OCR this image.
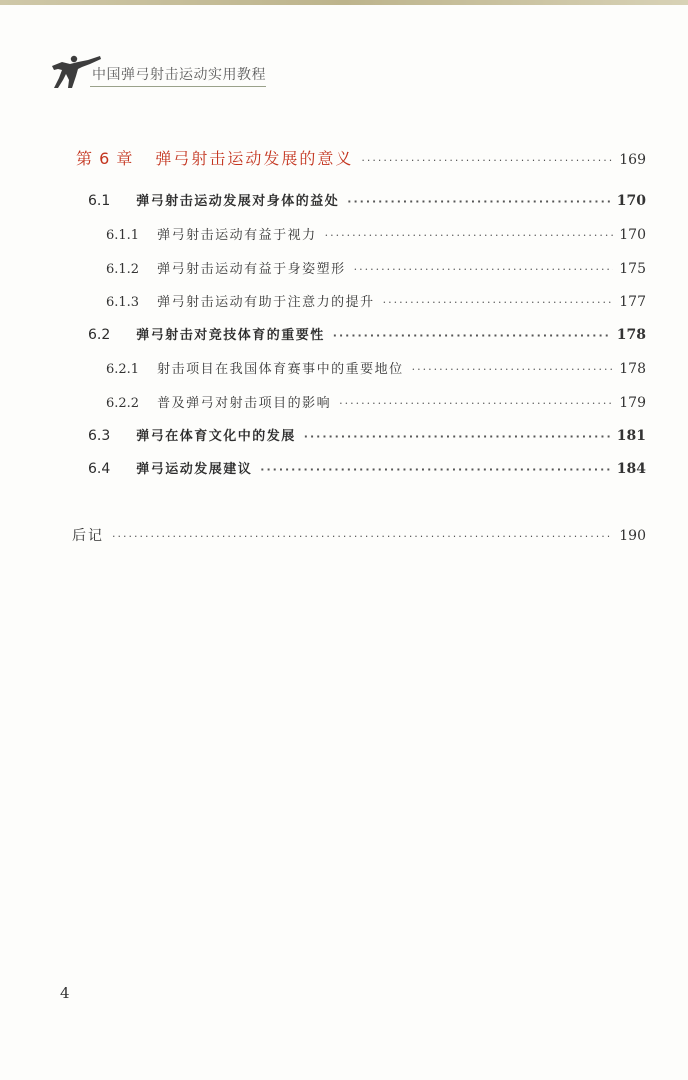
中国弹弓射击运动实用教程
第 6 章 弹弓射击运动发展的意义 ·····	169
6.1 弹弓射击运动发展对身体的益处 ·····	170
6.1.1 弹弓射击运动有益于视力 ·····	170
6.1.2 弹弓射击运动有益于身姿塑形 ·····	175
6.1.3 弹弓射击运动有助于注意力的提升 ·····	177
6.2 弹弓射击对竞技体育的重要性 ·····	178
6.2.1 射击项目在我国体育赛事中的重要地位 ·····	178
6.2.2 普及弹弓对射击项目的影响 ·····	179
6.3 弹弓在体育文化中的发展 ·····	181
6.4 弹弓运动发展建议 ·····	184
后记 ·····	190
4
